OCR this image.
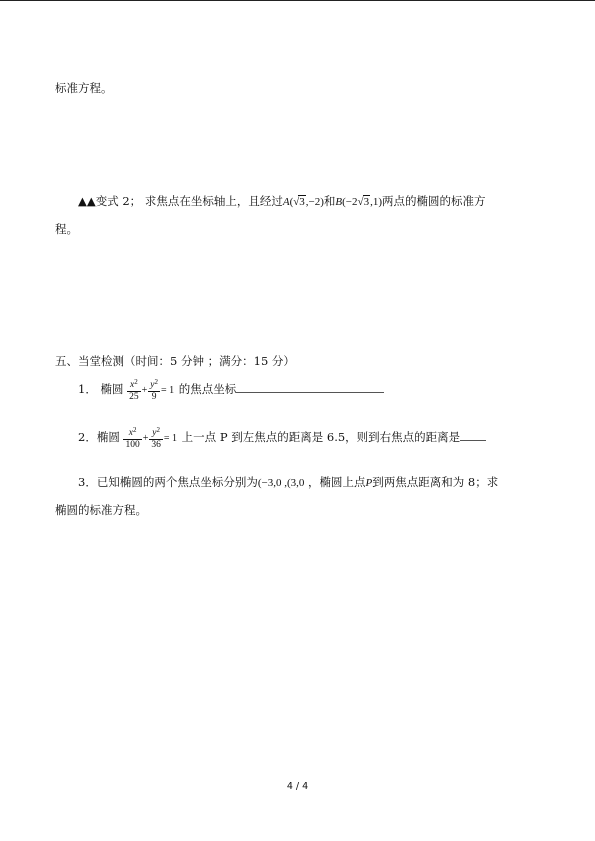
标准方程。
▲▲变式 2； 求焦点在坐标轴上，且经过A(√3,−2)和B(−2√3,1)两点的椭圆的标准方
程。
五、当堂检测（时间：5 分钟 ；满分：15 分）
1． 椭圆 $\frac{x^2}{25} + \frac{y^2}{9} = 1$ 的焦点坐标
2．椭圆 $\frac{x^2}{100} + \frac{y^2}{36} = 1$ 上一点 P 到左焦点的距离是 6.5，则到右焦点的距离是
3．已知椭圆的两个焦点坐标分别为(−3,0 ,(3,0 ，椭圆上点P到两焦点距离和为 8；求
椭圆的标准方程。
4 / 4
